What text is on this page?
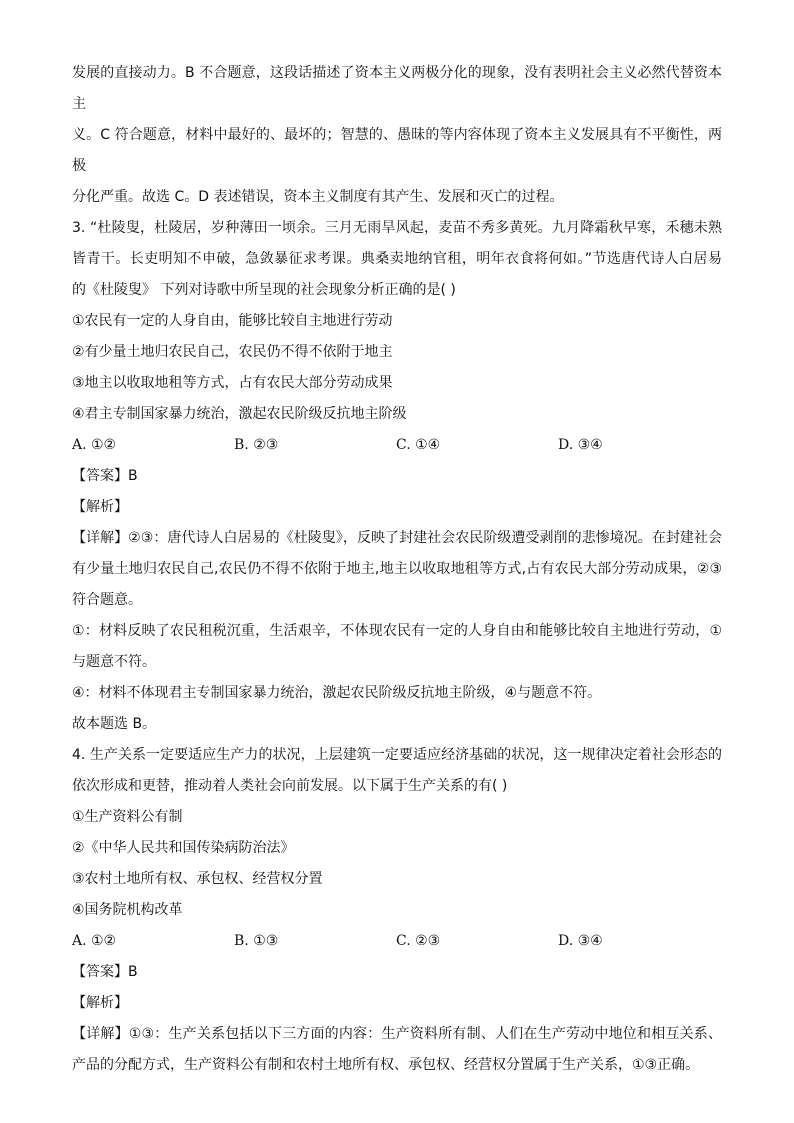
发展的直接动力。B 不合题意，这段话描述了资本主义两极分化的现象，没有表明社会主义必然代替资本主

义。C 符合题意，材料中最好的、最坏的；智慧的、愚昧的等内容体现了资本主义发展具有不平衡性，两极

分化严重。故选 C。D 表述错误，资本主义制度有其产生、发展和灭亡的过程。

3. “杜陵叟，杜陵居，岁种薄田一顷余。三月无雨旱风起，麦苗不秀多黄死。九月降霜秋早寒，禾穗未熟

皆青干。长吏明知不申破，急敛暴征求考课。典桑卖地纳官租，明年衣食将何如。”节选唐代诗人白居易

的《杜陵叟》 下列对诗歌中所呈现的社会现象分析正确的是( )

①农民有一定的人身自由，能够比较自主地进行劳动

②有少量土地归农民自己，农民仍不得不依附于地主

③地主以收取地租等方式，占有农民大部分劳动成果

④君主专制国家暴力统治，激起农民阶级反抗地主阶级

A. ①②	B. ②③	C. ①④	D. ③④

【答案】B

【解析】

【详解】②③：唐代诗人白居易的《杜陵叟》，反映了封建社会农民阶级遭受剥削的悲惨境况。在封建社会

有少量土地归农民自己,农民仍不得不依附于地主,地主以收取地租等方式,占有农民大部分劳动成果，②③

符合题意。

①：材料反映了农民租税沉重，生活艰辛，不体现农民有一定的人身自由和能够比较自主地进行劳动，①

与题意不符。

④：材料不体现君主专制国家暴力统治，激起农民阶级反抗地主阶级，④与题意不符。

故本题选 B。

4. 生产关系一定要适应生产力的状况，上层建筑一定要适应经济基础的状况，这一规律决定着社会形态的

依次形成和更替，推动着人类社会向前发展。以下属于生产关系的有( )

①生产资料公有制

②《中华人民共和国传染病防治法》

③农村土地所有权、承包权、经营权分置

④国务院机构改革

A. ①②	B. ①③	C. ②③	D. ③④

【答案】B

【解析】

【详解】①③：生产关系包括以下三方面的内容：生产资料所有制、人们在生产劳动中地位和相互关系、

产品的分配方式，生产资料公有制和农村土地所有权、承包权、经营权分置属于生产关系，①③正确。
